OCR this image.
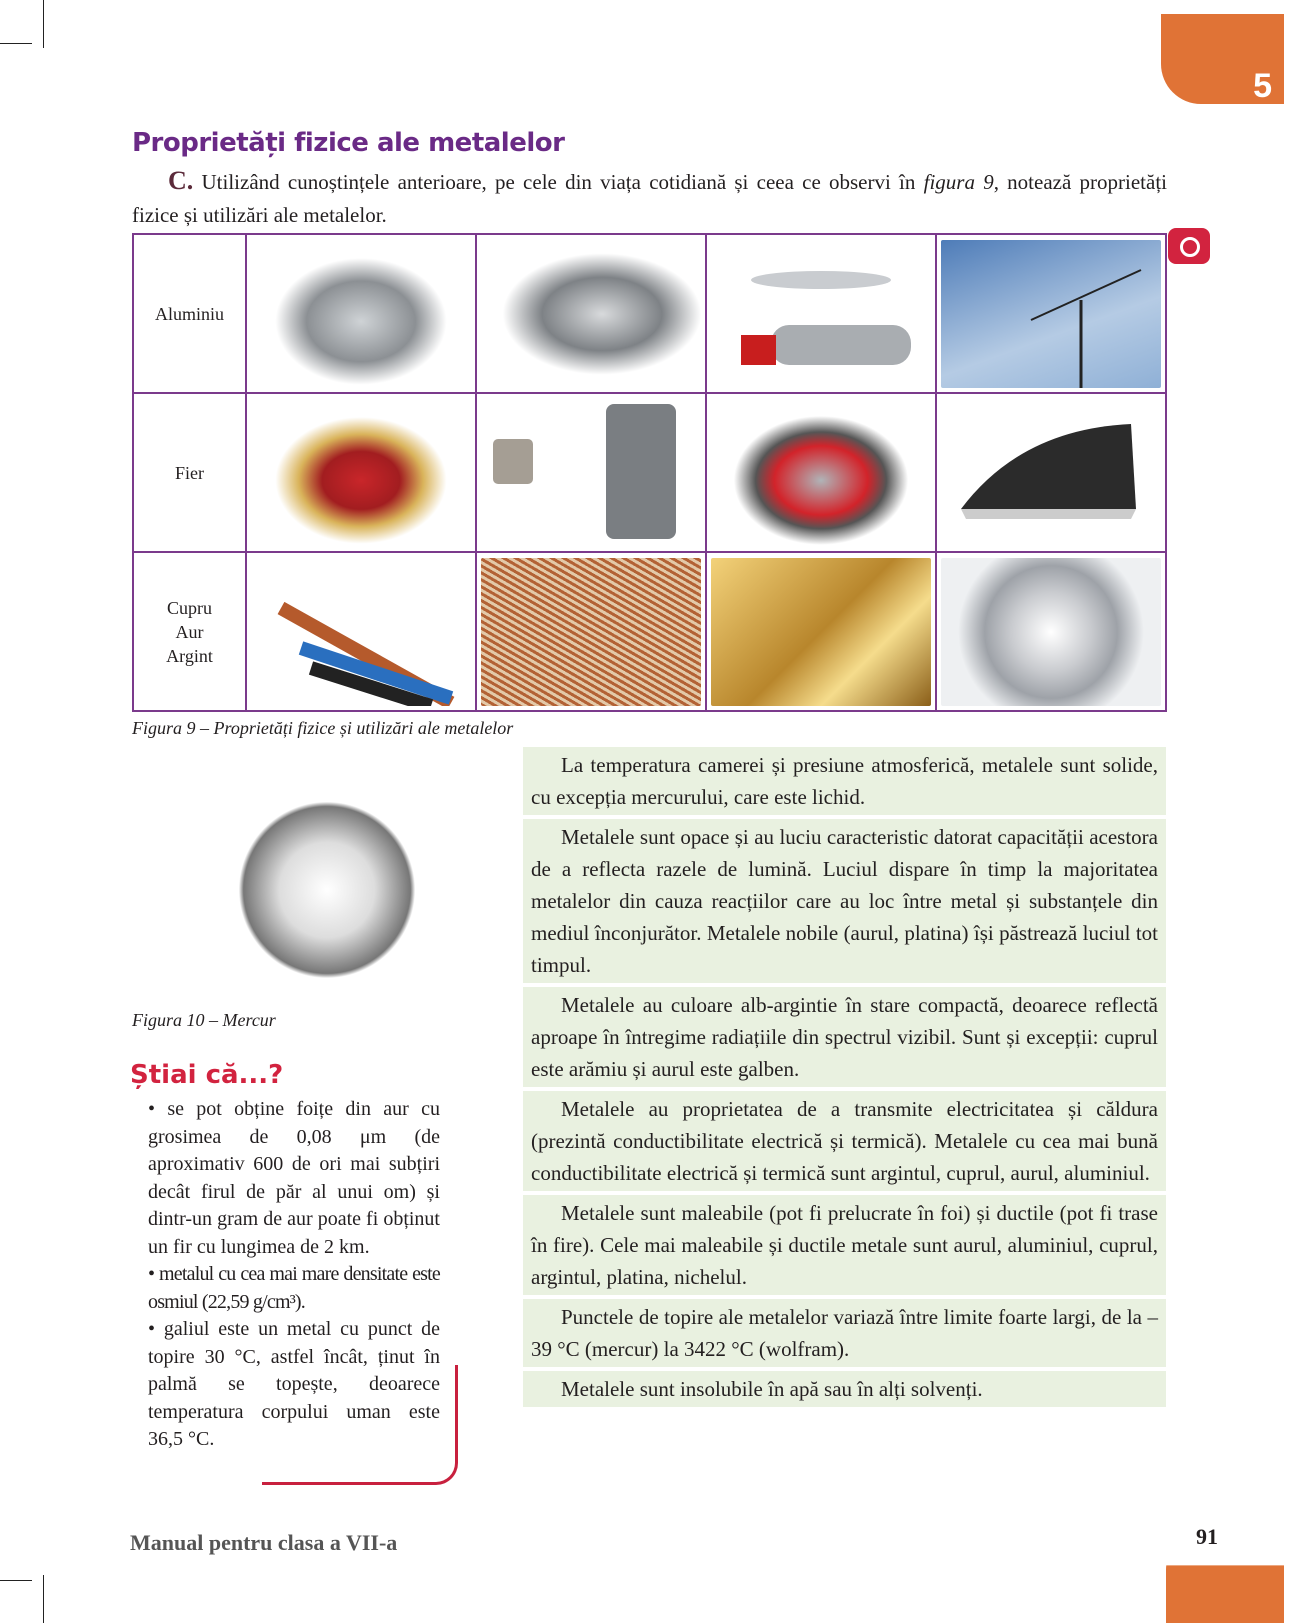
5
Proprietăți fizice ale metalelor
C. Utilizând cunoștințele anterioare, pe cele din viața cotidiană și ceea ce observi în figura 9, notează proprietăți fizice și utilizări ale metalelor.
Aluminiu	

Fier	

Cupru
Aur
Argint

Figura 9 – Proprietăți fizice și utilizări ale metalelor
Figura 10 – Mercur

La temperatura camerei și presiune atmosferică, metalele sunt solide, cu excepția mercurului, care este lichid.

Metalele sunt opace și au luciu caracteristic datorat capacității acestora de a reflecta razele de lumină. Luciul dispare în timp la majoritatea metalelor din cauza reacțiilor care au loc între metal și substanțele din mediul înconjurător. Metalele nobile (aurul, platina) își păstrează luciul tot timpul.

Metalele au culoare alb-argintie în stare compactă, deoarece reflectă aproape în întregime radiațiile din spectrul vizibil. Sunt și excepții: cuprul este arămiu și aurul este galben.

Metalele au proprietatea de a transmite electricitatea și căldura (prezintă conductibilitate electrică și termică). Metalele cu cea mai bună conductibilitate electrică și termică sunt argintul, cuprul, aurul, aluminiul.

Metalele sunt maleabile (pot fi prelucrate în foi) și ductile (pot fi trase în fire). Cele mai maleabile și ductile metale sunt aurul, aluminiul, cuprul, argintul, platina, nichelul.

Punctele de topire ale metalelor variază între limite foarte largi, de la – 39 °C (mercur) la 3422 °C (wolfram).

Metalele sunt insolubile în apă sau în alți solvenți.

Știai că...?

• se pot obține foițe din aur cu grosimea de 0,08 μm (de aproximativ 600 de ori mai subțiri decât firul de păr al unui om) și dintr-un gram de aur poate fi obținut un fir cu lungimea de 2 km.

• metalul cu cea mai mare densitate este osmiul (22,59 g/cm³).

• galiul este un metal cu punct de topire 30 °C, astfel încât, ținut în palmă se topește, deoarece temperatura corpului uman este 36,5 °C.

Manual pentru clasa a VII-a	91
